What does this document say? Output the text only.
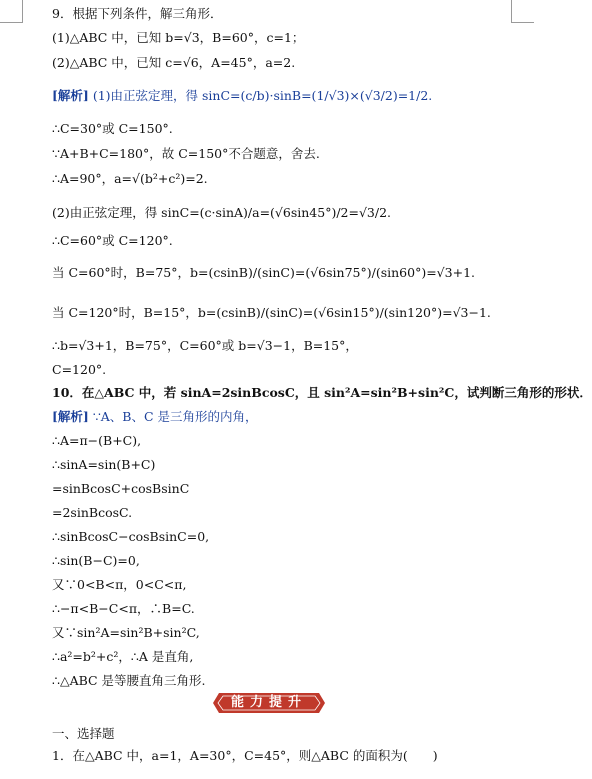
9．根据下列条件，解三角形．
(1)△ABC 中，已知 b=√3，B=60°，c=1；
(2)△ABC 中，已知 c=√6，A=45°，a=2.
[解析] (1)由正弦定理，得 sinC=(c/b)·sinB=(1/√3)×(√3/2)=1/2.
∴C=30°或 C=150°.
∵A+B+C=180°，故 C=150°不合题意，舍去.
∴A=90°，a=√(b²+c²)=2.
(2)由正弦定理，得 sinC=(c·sinA)/a=(√6sin45°)/2=√3/2.
∴C=60°或 C=120°.
当 C=60°时，B=75°，b=(csinB)/(sinC)=(√6sin75°)/(sin60°)=√3+1.
当 C=120°时，B=15°，b=(csinB)/(sinC)=(√6sin15°)/(sin120°)=√3−1.
∴b=√3+1，B=75°，C=60°或 b=√3−1，B=15°，
C=120°.
10．在△ABC 中，若 sinA=2sinBcosC，且 sin²A=sin²B+sin²C，试判断三角形的形状．
[解析] ∵A、B、C 是三角形的内角，
∴A=π−(B+C),
∴sinA=sin(B+C)
=sinBcosC+cosBsinC
=2sinBcosC.
∴sinBcosC−cosBsinC=0,
∴sin(B−C)=0,
又∵0<B<π，0<C<π,
∴−π<B−C<π，∴B=C.
又∵sin²A=sin²B+sin²C,
∴a²=b²+c²，∴A 是直角,
∴△ABC 是等腰直角三角形.
能力提升
一、选择题
1．在△ABC 中，a=1，A=30°，C=45°，则△ABC 的面积为(　　)
